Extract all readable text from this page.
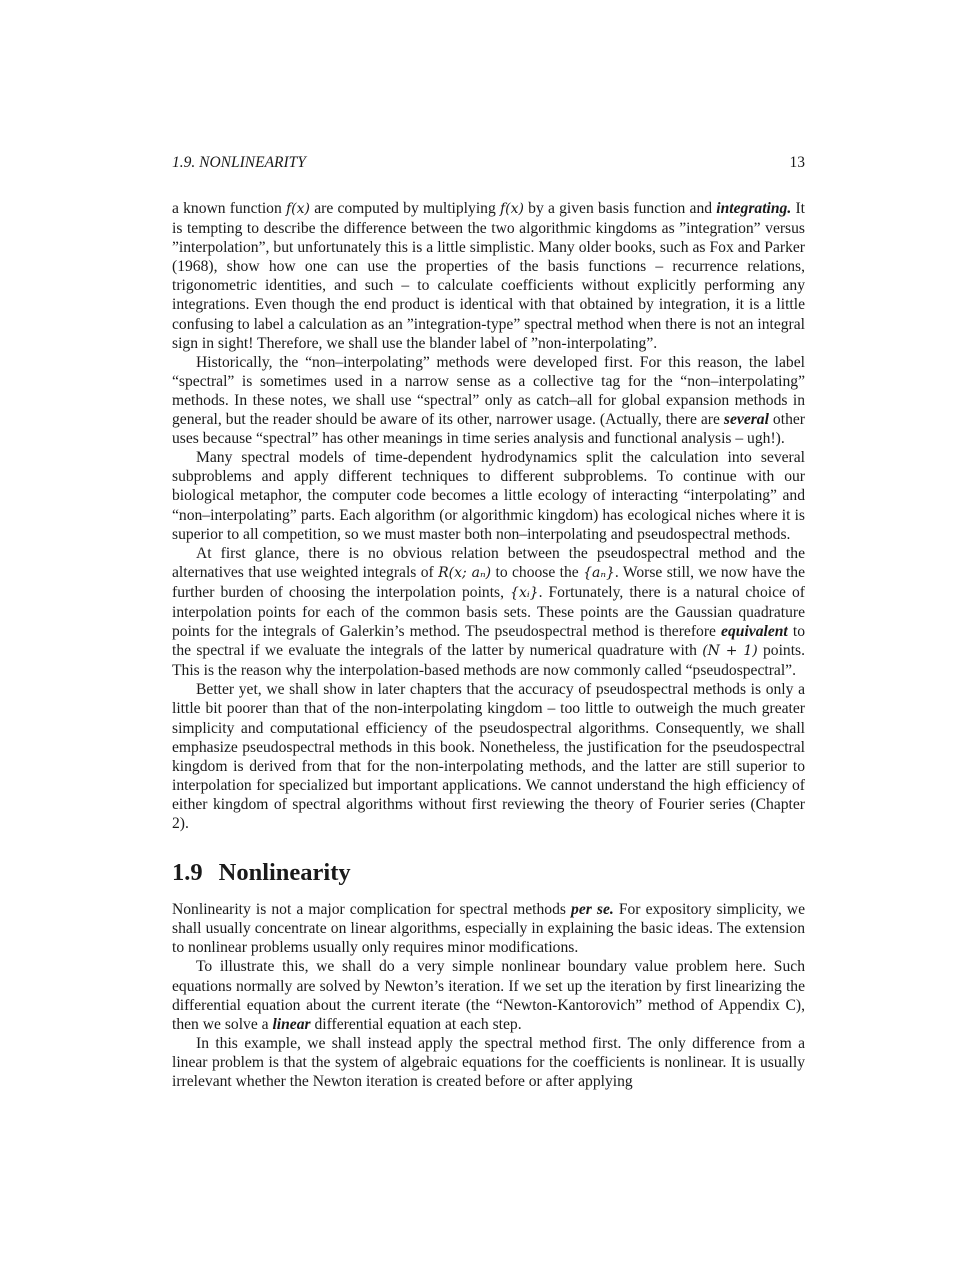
1.9. NONLINEARITY	13

a known function f(x) are computed by multiplying f(x) by a given basis function and integrating. It is tempting to describe the difference between the two algorithmic kingdoms as ”integration” versus ”interpolation”, but unfortunately this is a little simplistic. Many older books, such as Fox and Parker (1968), show how one can use the properties of the basis functions – recurrence relations, trigonometric identities, and such – to calculate coefficients without explicitly performing any integrations. Even though the end product is identical with that obtained by integration, it is a little confusing to label a calculation as an ”integration-type” spectral method when there is not an integral sign in sight! Therefore, we shall use the blander label of ”non-interpolating”.

Historically, the “non–interpolating” methods were developed first. For this reason, the label “spectral” is sometimes used in a narrow sense as a collective tag for the “non–interpolating” methods. In these notes, we shall use “spectral” only as catch–all for global expansion methods in general, but the reader should be aware of its other, narrower usage. (Actually, there are several other uses because “spectral” has other meanings in time series analysis and functional analysis – ugh!).

Many spectral models of time-dependent hydrodynamics split the calculation into several subproblems and apply different techniques to different subproblems. To continue with our biological metaphor, the computer code becomes a little ecology of interacting “interpolating” and “non–interpolating” parts. Each algorithm (or algorithmic kingdom) has ecological niches where it is superior to all competition, so we must master both non–interpolating and pseudospectral methods.

At first glance, there is no obvious relation between the pseudospectral method and the alternatives that use weighted integrals of R(x; aₙ) to choose the {aₙ}. Worse still, we now have the further burden of choosing the interpolation points, {xᵢ}. Fortunately, there is a natural choice of interpolation points for each of the common basis sets. These points are the Gaussian quadrature points for the integrals of Galerkin’s method. The pseudospectral method is therefore equivalent to the spectral if we evaluate the integrals of the latter by numerical quadrature with (N + 1) points. This is the reason why the interpolation-based methods are now commonly called “pseudospectral”.

Better yet, we shall show in later chapters that the accuracy of pseudospectral methods is only a little bit poorer than that of the non-interpolating kingdom – too little to outweigh the much greater simplicity and computational efficiency of the pseudospectral algorithms. Consequently, we shall emphasize pseudospectral methods in this book. Nonetheless, the justification for the pseudospectral kingdom is derived from that for the non-interpolating methods, and the latter are still superior to interpolation for specialized but important applications. We cannot understand the high efficiency of either kingdom of spectral algorithms without first reviewing the theory of Fourier series (Chapter 2).

1.9 Nonlinearity

Nonlinearity is not a major complication for spectral methods per se. For expository simplicity, we shall usually concentrate on linear algorithms, especially in explaining the basic ideas. The extension to nonlinear problems usually only requires minor modifications.

To illustrate this, we shall do a very simple nonlinear boundary value problem here. Such equations normally are solved by Newton’s iteration. If we set up the iteration by first linearizing the differential equation about the current iterate (the “Newton-Kantorovich” method of Appendix C), then we solve a linear differential equation at each step.

In this example, we shall instead apply the spectral method first. The only difference from a linear problem is that the system of algebraic equations for the coefficients is nonlinear. It is usually irrelevant whether the Newton iteration is created before or after applying
